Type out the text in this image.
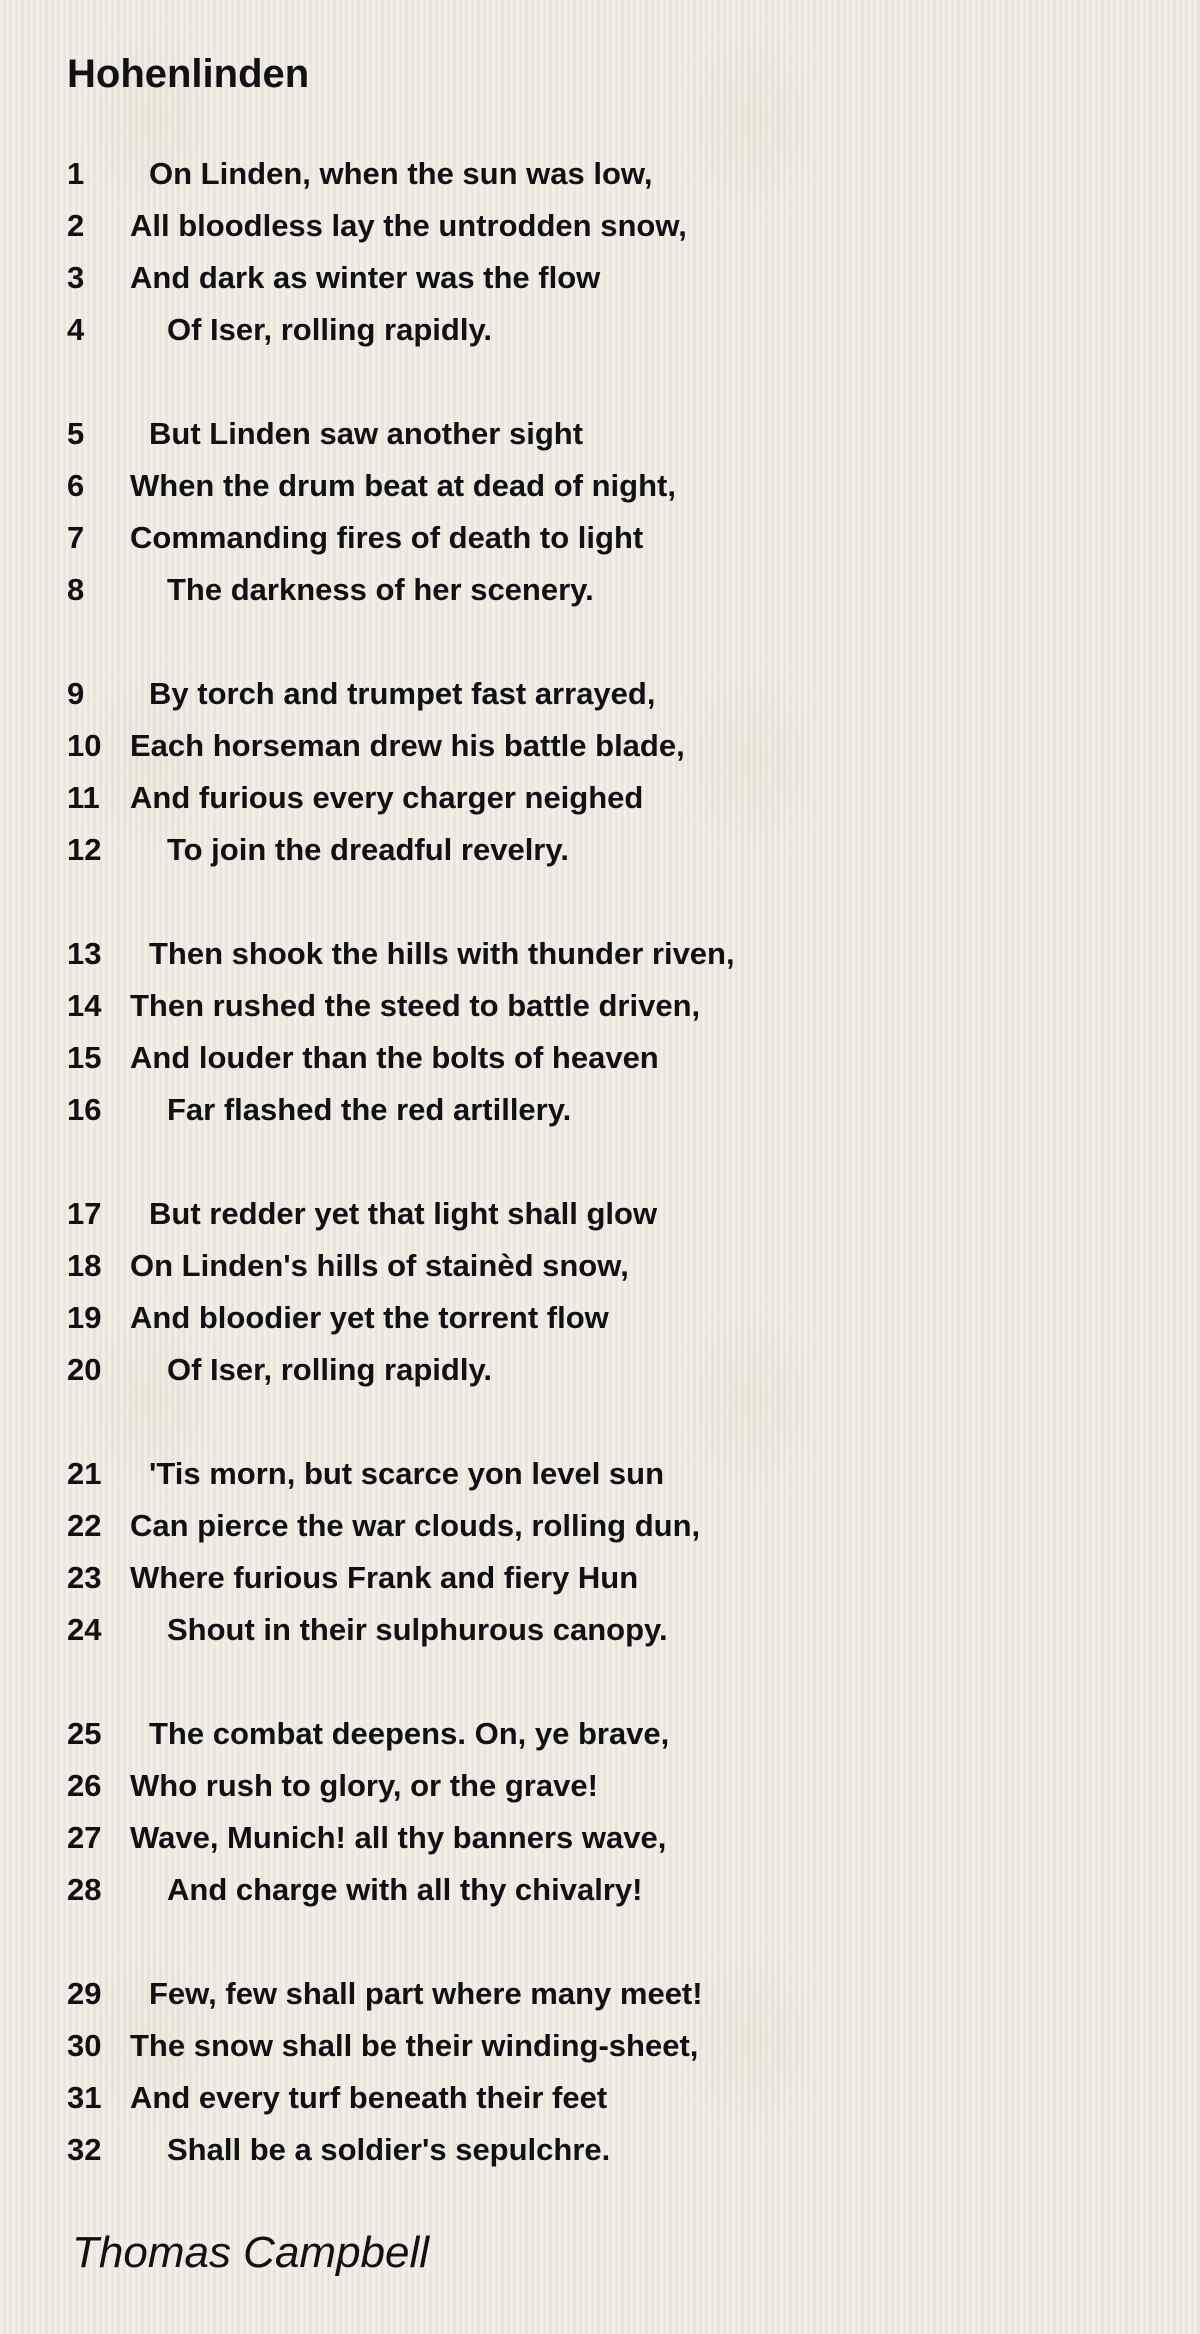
Hohenlinden
1 On Linden, when the sun was low,
2 All bloodless lay the untrodden snow,
3 And dark as winter was the flow
4	Of Iser, rolling rapidly.
5 But Linden saw another sight
6 When the drum beat at dead of night,
7 Commanding fires of death to light
8	The darkness of her scenery.
9 By torch and trumpet fast arrayed,
10 Each horseman drew his battle blade,
11 And furious every charger neighed
12 To join the dreadful revelry.
13 Then shook the hills with thunder riven,
14 Then rushed the steed to battle driven,
15 And louder than the bolts of heaven
16 Far flashed the red artillery.
17 But redder yet that light shall glow
18 On Linden's hills of stainèd snow,
19 And bloodier yet the torrent flow
20 Of Iser, rolling rapidly.
21 'Tis morn, but scarce yon level sun
22 Can pierce the war clouds, rolling dun,
23 Where furious Frank and fiery Hun
24 Shout in their sulphurous canopy.
25 The combat deepens. On, ye brave,
26 Who rush to glory, or the grave!
27 Wave, Munich! all thy banners wave,
28 And charge with all thy chivalry!
29 Few, few shall part where many meet!
30 The snow shall be their winding-sheet,
31 And every turf beneath their feet
32 Shall be a soldier's sepulchre.

Thomas Campbell
